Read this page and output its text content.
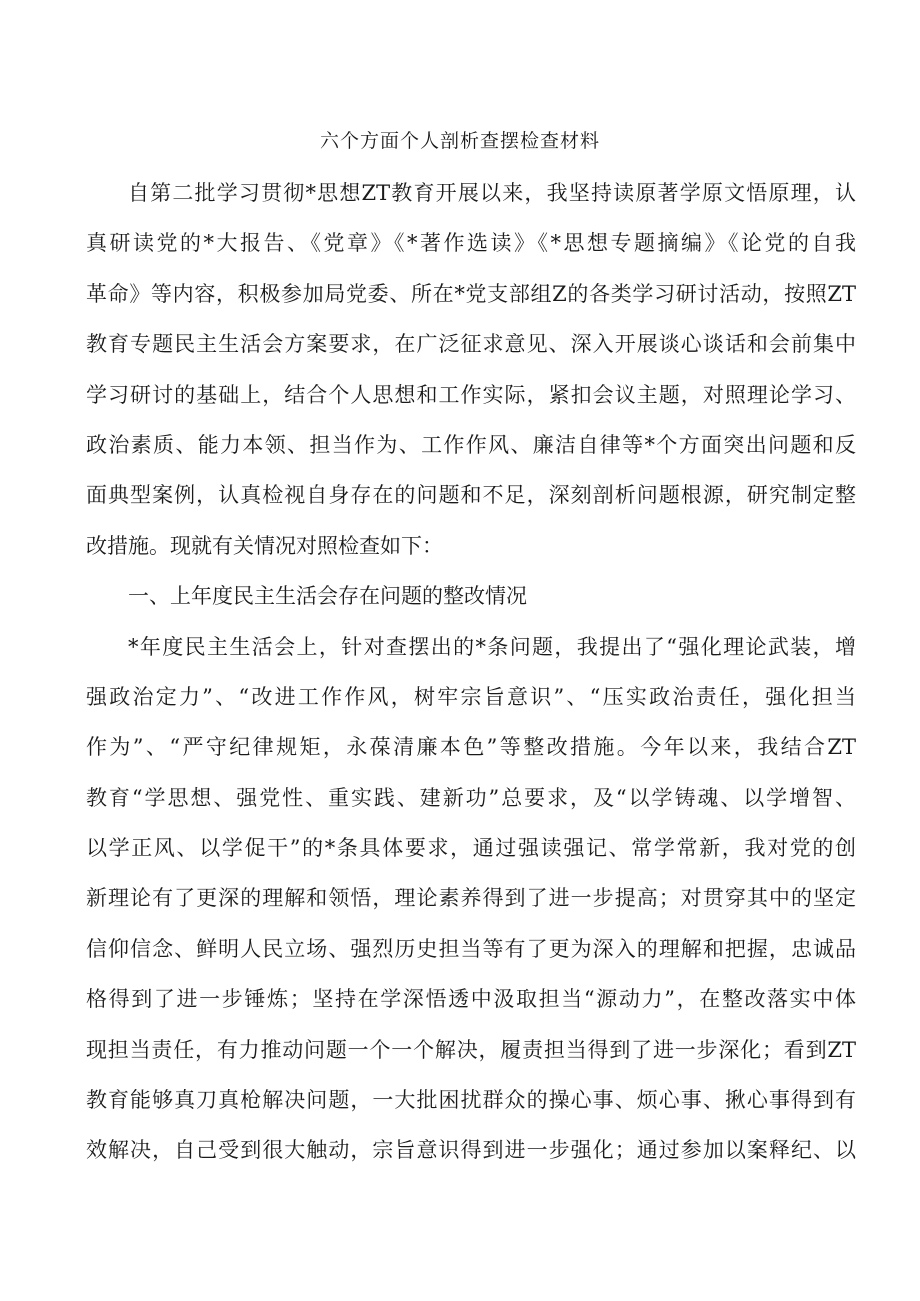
六个方面个人剖析查摆检查材料
自第二批学习贯彻*思想ZT教育开展以来，我坚持读原著学原文悟原理，认
真研读党的*大报告、《党章》《*著作选读》《*思想专题摘编》《论党的自我
革命》等内容，积极参加局党委、所在*党支部组Z的各类学习研讨活动，按照ZT
教育专题民主生活会方案要求，在广泛征求意见、深入开展谈心谈话和会前集中
学习研讨的基础上，结合个人思想和工作实际，紧扣会议主题，对照理论学习、
政治素质、能力本领、担当作为、工作作风、廉洁自律等*个方面突出问题和反
面典型案例，认真检视自身存在的问题和不足，深刻剖析问题根源，研究制定整
改措施。现就有关情况对照检查如下：
一、上年度民主生活会存在问题的整改情况
*年度民主生活会上，针对查摆出的*条问题，我提出了“强化理论武装，增
强政治定力”、“改进工作作风，树牢宗旨意识”、“压实政治责任，强化担当
作为”、“严守纪律规矩，永葆清廉本色”等整改措施。今年以来，我结合ZT
教育“学思想、强党性、重实践、建新功”总要求，及“以学铸魂、以学增智、
以学正风、以学促干”的*条具体要求，通过强读强记、常学常新，我对党的创
新理论有了更深的理解和领悟，理论素养得到了进一步提高；对贯穿其中的坚定
信仰信念、鲜明人民立场、强烈历史担当等有了更为深入的理解和把握，忠诚品
格得到了进一步锤炼；坚持在学深悟透中汲取担当“源动力”，在整改落实中体
现担当责任，有力推动问题一个一个解决，履责担当得到了进一步深化；看到ZT
教育能够真刀真枪解决问题，一大批困扰群众的操心事、烦心事、揪心事得到有
效解决，自己受到很大触动，宗旨意识得到进一步强化；通过参加以案释纪、以
